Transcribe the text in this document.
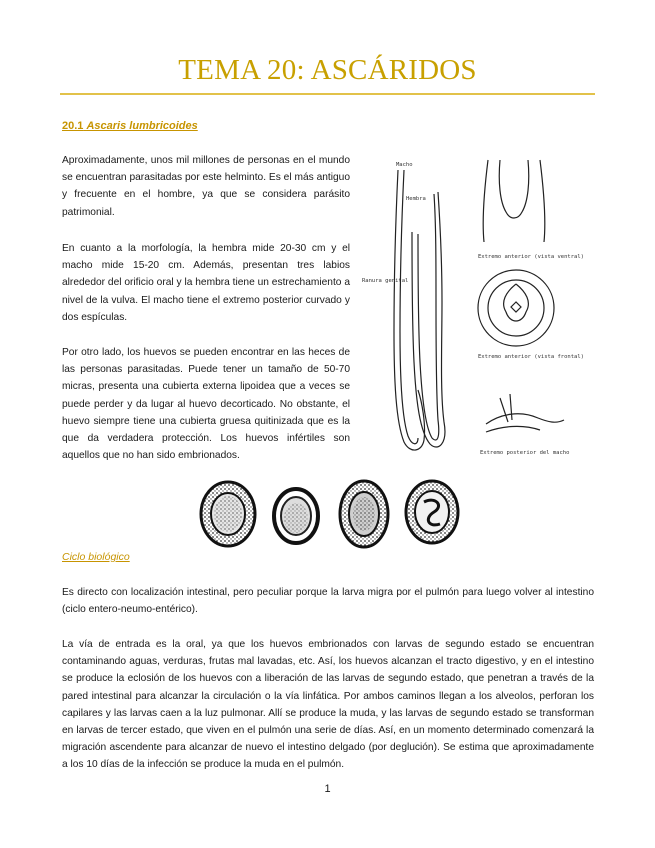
TEMA 20: ASCÁRIDOS
20.1 Ascaris lumbricoides

Aproximadamente, unos mil millones de personas en el mundo se encuentran parasitadas por este helminto. Es el más antiguo y frecuente en el hombre, ya que se considera parásito patrimonial.

En cuanto a la morfología, la hembra mide 20-30 cm y el macho mide 15-20 cm. Además, presentan tres labios alrededor del orificio oral y la hembra tiene un estrechamiento a nivel de la vulva. El macho tiene el extremo posterior curvado y dos espículas.

Por otro lado, los huevos se pueden encontrar en las heces de las personas parasitadas. Puede tener un tamaño de 50-70 micras, presenta una cubierta externa lipoidea que a veces se puede perder y da lugar al huevo decorticado. No obstante, el huevo siempre tiene una cubierta gruesa quitinizada que es la que da verdadera protección. Los huevos infértiles son aquellos que no han sido embrionados.

Macho
Hembra
Ranura genital
Extremo anterior (vista ventral)
Extremo anterior (vista frontal)
Extremo posterior del macho
Ciclo biológico

Es directo con localización intestinal, pero peculiar porque la larva migra por el pulmón para luego volver al intestino (ciclo entero-neumo-entérico).

La vía de entrada es la oral, ya que los huevos embrionados con larvas de segundo estado se encuentran contaminando aguas, verduras, frutas mal lavadas, etc. Así, los huevos alcanzan el tracto digestivo, y en el intestino se produce la eclosión de los huevos con a liberación de las larvas de segundo estado, que penetran a través de la pared intestinal para alcanzar la circulación o la vía linfática. Por ambos caminos llegan a los alveolos, perforan los capilares y las larvas caen a la luz pulmonar. Allí se produce la muda, y las larvas de segundo estado se transforman en larvas de tercer estado, que viven en el pulmón una serie de días. Así, en un momento determinado comenzará la migración ascendente para alcanzar de nuevo el intestino delgado (por deglución). Se estima que aproximadamente a los 10 días de la infección se produce la muda en el pulmón.

1
